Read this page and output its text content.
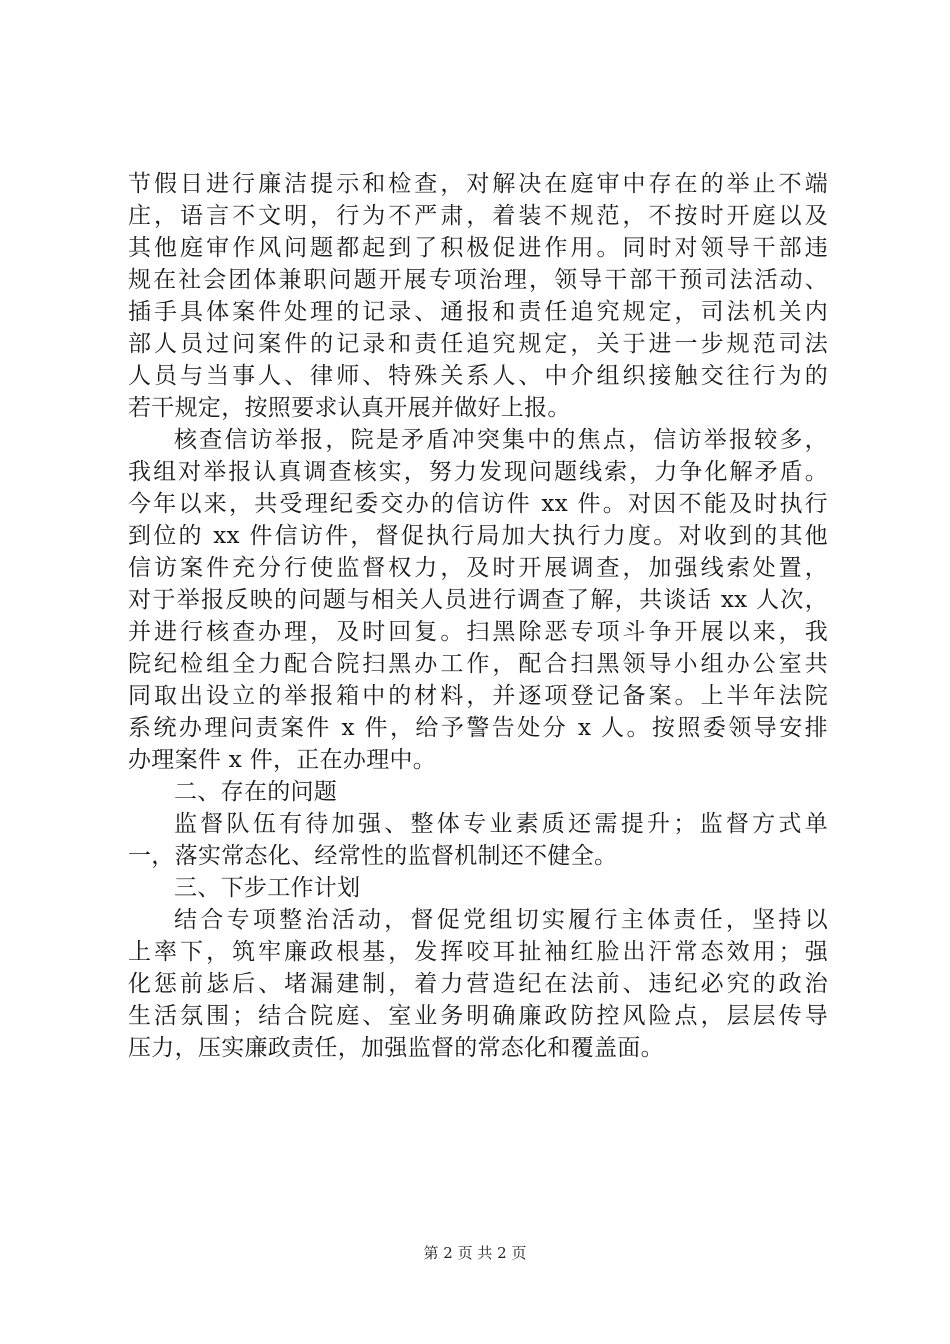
节假日进行廉洁提示和检查，对解决在庭审中存在的举止不端
庄，语言不文明，行为不严肃，着装不规范，不按时开庭以及
其他庭审作风问题都起到了积极促进作用。同时对领导干部违
规在社会团体兼职问题开展专项治理，领导干部干预司法活动、
插手具体案件处理的记录、通报和责任追究规定，司法机关内
部人员过问案件的记录和责任追究规定，关于进一步规范司法
人员与当事人、律师、特殊关系人、中介组织接触交往行为的
若干规定，按照要求认真开展并做好上报。
核查信访举报，院是矛盾冲突集中的焦点，信访举报较多，
我组对举报认真调查核实，努力发现问题线索，力争化解矛盾。
今年以来，共受理纪委交办的信访件 xx 件。对因不能及时执行
到位的 xx 件信访件，督促执行局加大执行力度。对收到的其他
信访案件充分行使监督权力，及时开展调查，加强线索处置，
对于举报反映的问题与相关人员进行调查了解，共谈话 xx 人次，
并进行核查办理，及时回复。扫黑除恶专项斗争开展以来，我
院纪检组全力配合院扫黑办工作，配合扫黑领导小组办公室共
同取出设立的举报箱中的材料，并逐项登记备案。上半年法院
系统办理问责案件 x 件，给予警告处分 x 人。按照委领导安排
办理案件 x 件，正在办理中。
二、存在的问题
监督队伍有待加强、整体专业素质还需提升；监督方式单
一，落实常态化、经常性的监督机制还不健全。
三、下步工作计划
结合专项整治活动，督促党组切实履行主体责任，坚持以
上率下，筑牢廉政根基，发挥咬耳扯袖红脸出汗常态效用；强
化惩前毖后、堵漏建制，着力营造纪在法前、违纪必究的政治
生活氛围；结合院庭、室业务明确廉政防控风险点，层层传导
压力，压实廉政责任，加强监督的常态化和覆盖面。
第 2 页 共 2 页
